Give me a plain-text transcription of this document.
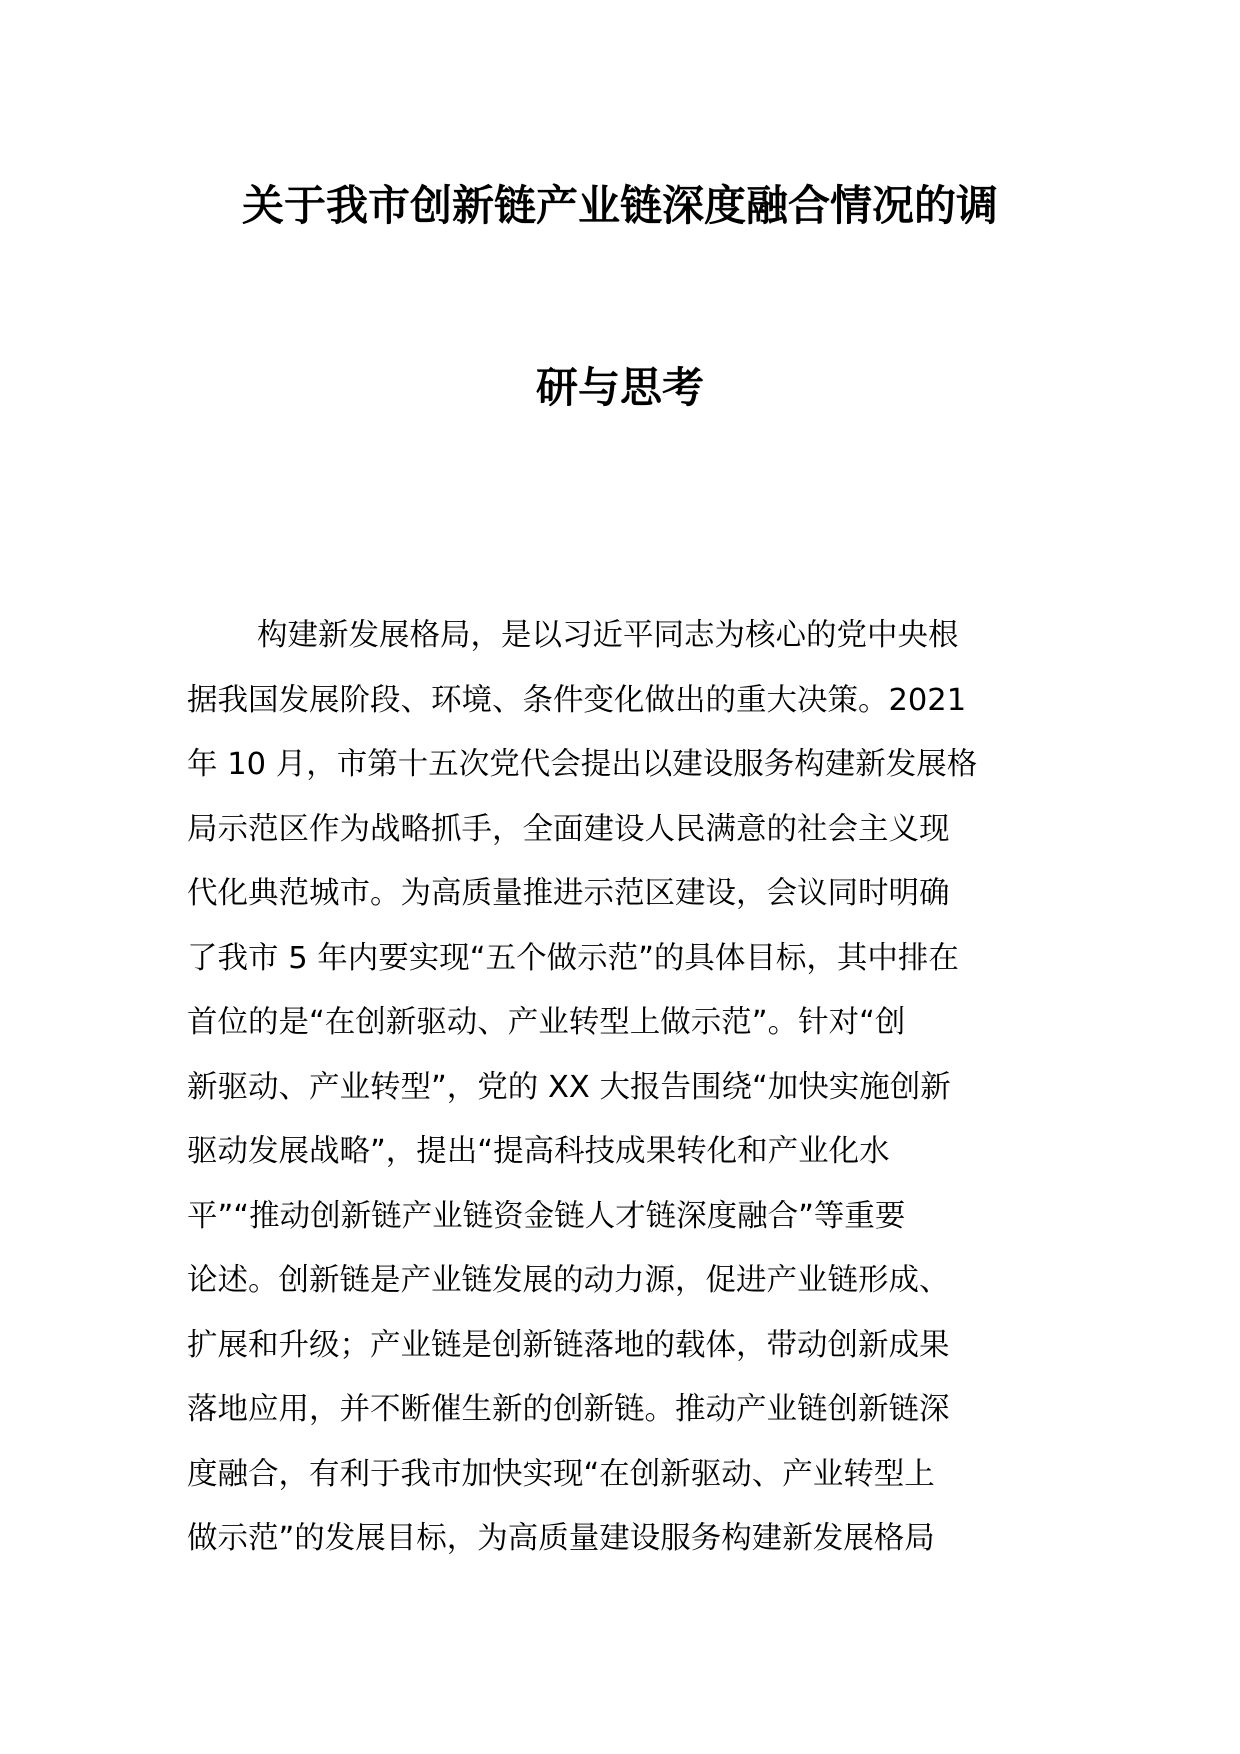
关于我市创新链产业链深度融合情况的调
研与思考
构建新发展格局，是以习近平同志为核心的党中央根
据我国发展阶段、环境、条件变化做出的重大决策。2021
年 10 月，市第十五次党代会提出以建设服务构建新发展格
局示范区作为战略抓手，全面建设人民满意的社会主义现
代化典范城市。为高质量推进示范区建设，会议同时明确
了我市 5 年内要实现“五个做示范”的具体目标，其中排在
首位的是“在创新驱动、产业转型上做示范”。针对“创
新驱动、产业转型”，党的 XX 大报告围绕“加快实施创新
驱动发展战略”，提出“提高科技成果转化和产业化水
平”“推动创新链产业链资金链人才链深度融合”等重要
论述。创新链是产业链发展的动力源，促进产业链形成、
扩展和升级；产业链是创新链落地的载体，带动创新成果
落地应用，并不断催生新的创新链。推动产业链创新链深
度融合，有利于我市加快实现“在创新驱动、产业转型上
做示范”的发展目标，为高质量建设服务构建新发展格局
